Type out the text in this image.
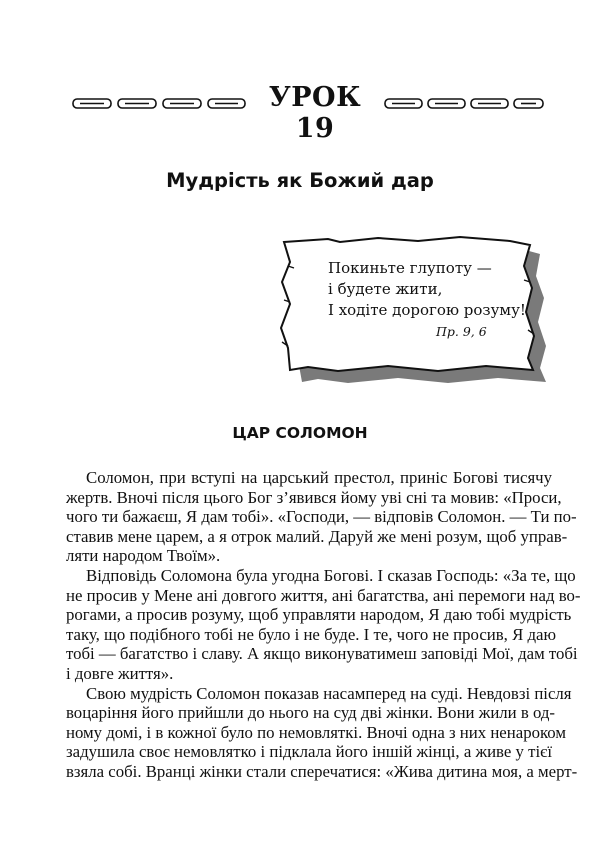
УРОК 19
Мудрість як Божий дар
Покиньте глупоту —
і будете жити,
І ходіте дорогою розуму!
Пр. 9, 6
ЦАР СОЛОМОН
Соломон, при вступі на царський престол, приніс Богові тисячу
жертв. Вночі після цього Бог з’явився йому уві сні та мовив: «Проси,
чого ти бажаєш, Я дам тобі». «Господи, — відповів Соломон. — Ти по-
ставив мене царем, а я отрок малий. Даруй же мені розум, щоб управ-
ляти народом Твоїм».
Відповідь Соломона була угодна Богові. І сказав Господь: «За те, що
не просив у Мене ані довгого життя, ані багатства, ані перемоги над во-
рогами, а просив розуму, щоб управляти народом, Я даю тобі мудрість
таку, що подібного тобі не було і не буде. І те, чого не просив, Я даю
тобі — багатство і славу. А якщо виконуватимеш заповіді Мої, дам тобі
і довге життя».
Свою мудрість Соломон показав насамперед на суді. Невдовзі після
воцаріння його прийшли до нього на суд дві жінки. Вони жили в од-
ному домі, і в кожної було по немовляткі. Вночі одна з них ненароком
задушила своє немовлятко і підклала його іншій жінці, а живе у тієї
взяла собі. Вранці жінки стали сперечатися: «Жива дитина моя, а мерт-
